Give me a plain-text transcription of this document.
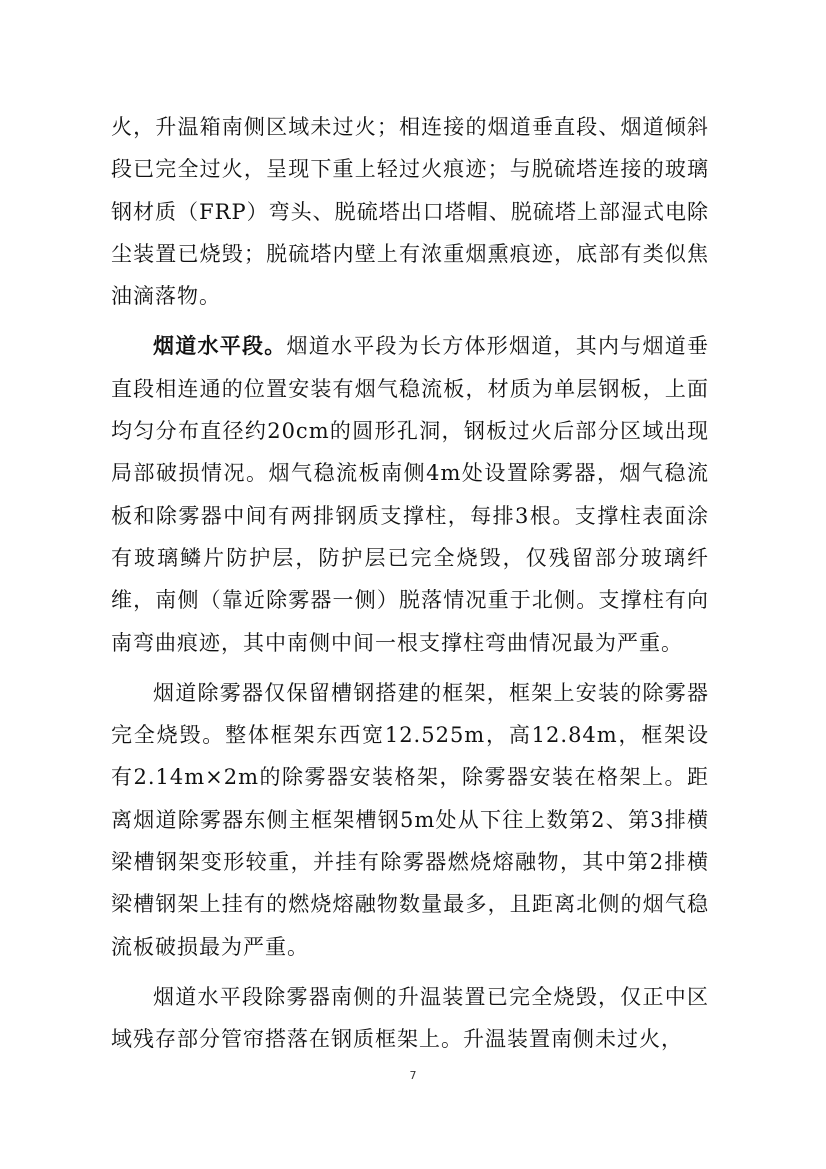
火，升温箱南侧区域未过火；相连接的烟道垂直段、烟道倾斜段已完全过火，呈现下重上轻过火痕迹；与脱硫塔连接的玻璃钢材质（FRP）弯头、脱硫塔出口塔帽、脱硫塔上部湿式电除尘装置已烧毁；脱硫塔内壁上有浓重烟熏痕迹，底部有类似焦油滴落物。

烟道水平段。烟道水平段为长方体形烟道，其内与烟道垂直段相连通的位置安装有烟气稳流板，材质为单层钢板，上面均匀分布直径约20cm的圆形孔洞，钢板过火后部分区域出现局部破损情况。烟气稳流板南侧4m处设置除雾器，烟气稳流板和除雾器中间有两排钢质支撑柱，每排3根。支撑柱表面涂有玻璃鳞片防护层，防护层已完全烧毁，仅残留部分玻璃纤维，南侧（靠近除雾器一侧）脱落情况重于北侧。支撑柱有向南弯曲痕迹，其中南侧中间一根支撑柱弯曲情况最为严重。

烟道除雾器仅保留槽钢搭建的框架，框架上安装的除雾器完全烧毁。整体框架东西宽12.525m，高12.84m，框架设有2.14m×2m的除雾器安装格架，除雾器安装在格架上。距离烟道除雾器东侧主框架槽钢5m处从下往上数第2、第3排横梁槽钢架变形较重，并挂有除雾器燃烧熔融物，其中第2排横梁槽钢架上挂有的燃烧熔融物数量最多，且距离北侧的烟气稳流板破损最为严重。

烟道水平段除雾器南侧的升温装置已完全烧毁，仅正中区域残存部分管帘搭落在钢质框架上。升温装置南侧未过火，

7
